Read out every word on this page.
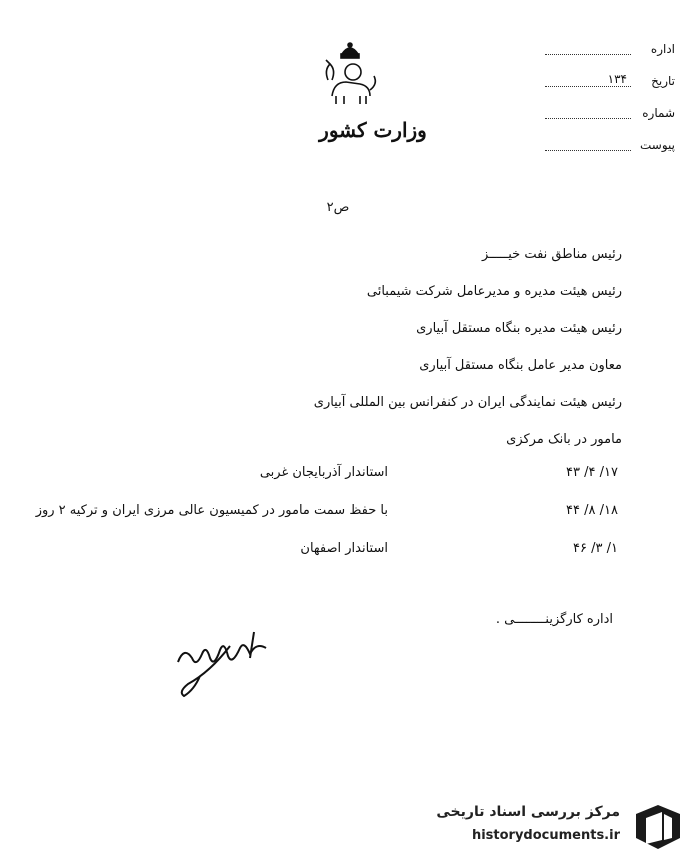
وزارت کشور
اداره
تاریخ
۱۳۴
شماره
پیوست
ص۲
رئیس مناطق نفت خیـــــز
رئیس هیئت مدیره و مدیرعامل شرکت شیمبائی
رئیس هیئت مدیره بنگاه مستقل آبیاری
معاون مدیر عامل بنگاه مستقل آبیاری
رئیس هیئت نمایندگی ایران در کنفرانس بین المللی آبیاری
مامور در بانک مرکزی
۱۷/ ۴/ ۴۳
استاندار آذربایجان غربی
۱۸/ ۸/ ۴۴
با حفظ سمت مامور در کمیسیون عالی مرزی ایران و ترکیه ۲ روز
۱/ ۳/ ۴۶
استاندار اصفهان
اداره کارگزینــــــــی .
مرکز بررسی اسناد تاریخی
historydocuments.ir
